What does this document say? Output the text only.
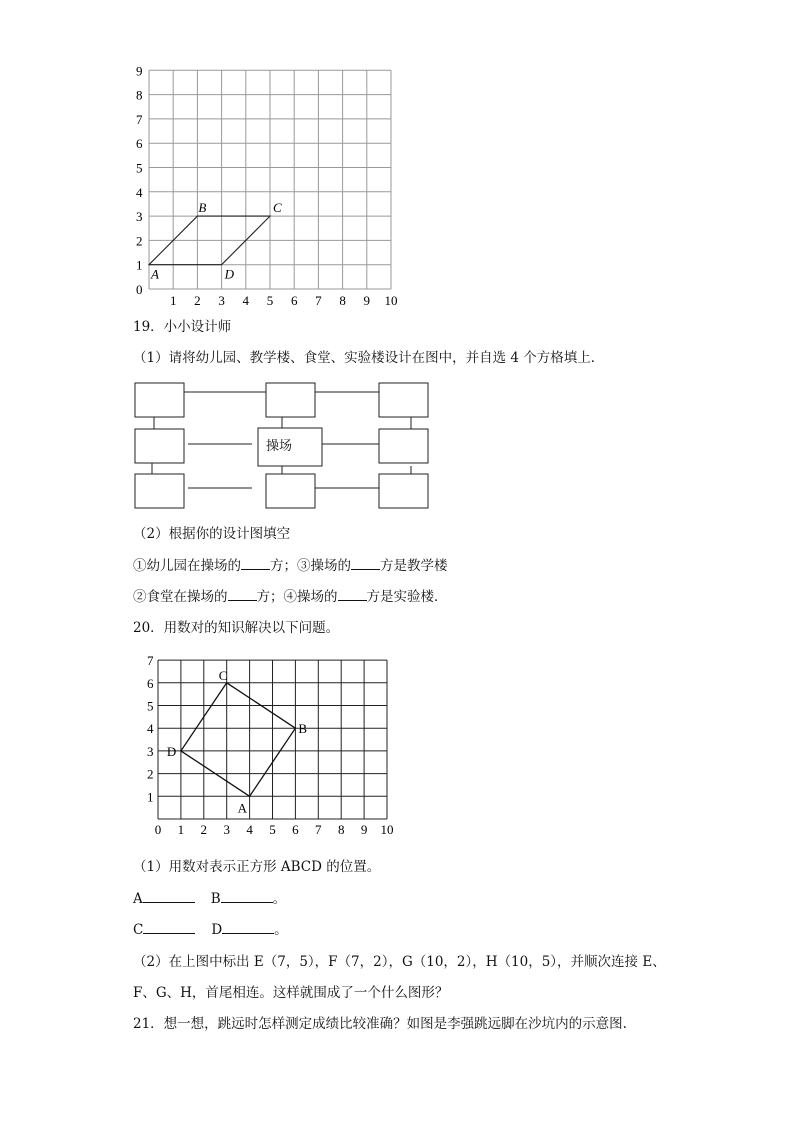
0
1 2 3 4 5 6 7 8 9 10
1
2
3
4
5
6
7
8
9
A
B	C
D
19．小小设计师
（1）请将幼儿园、教学楼、食堂、实验楼设计在图中，并自选 4 个方格填上．
操场
（2）根据你的设计图填空
①幼儿园在操场的 方；③操场的 方是教学楼
②食堂在操场的 方；④操场的 方是实验楼．
20．用数对的知识解决以下问题。
0 1 2 3 4 5 6 7 8 9 10
1
2
3
4
5
6
7
A
B
C
D
（1）用数对表示正方形 ABCD 的位置。
A	B	。
C	D	。
（2）在上图中标出 E（7，5），F（7，2），G（10，2），H（10，5），并顺次连接 E、
F、G、H，首尾相连。这样就围成了一个什么图形？
21．想一想，跳远时怎样测定成绩比较准确？如图是李强跳远脚在沙坑内的示意图.
